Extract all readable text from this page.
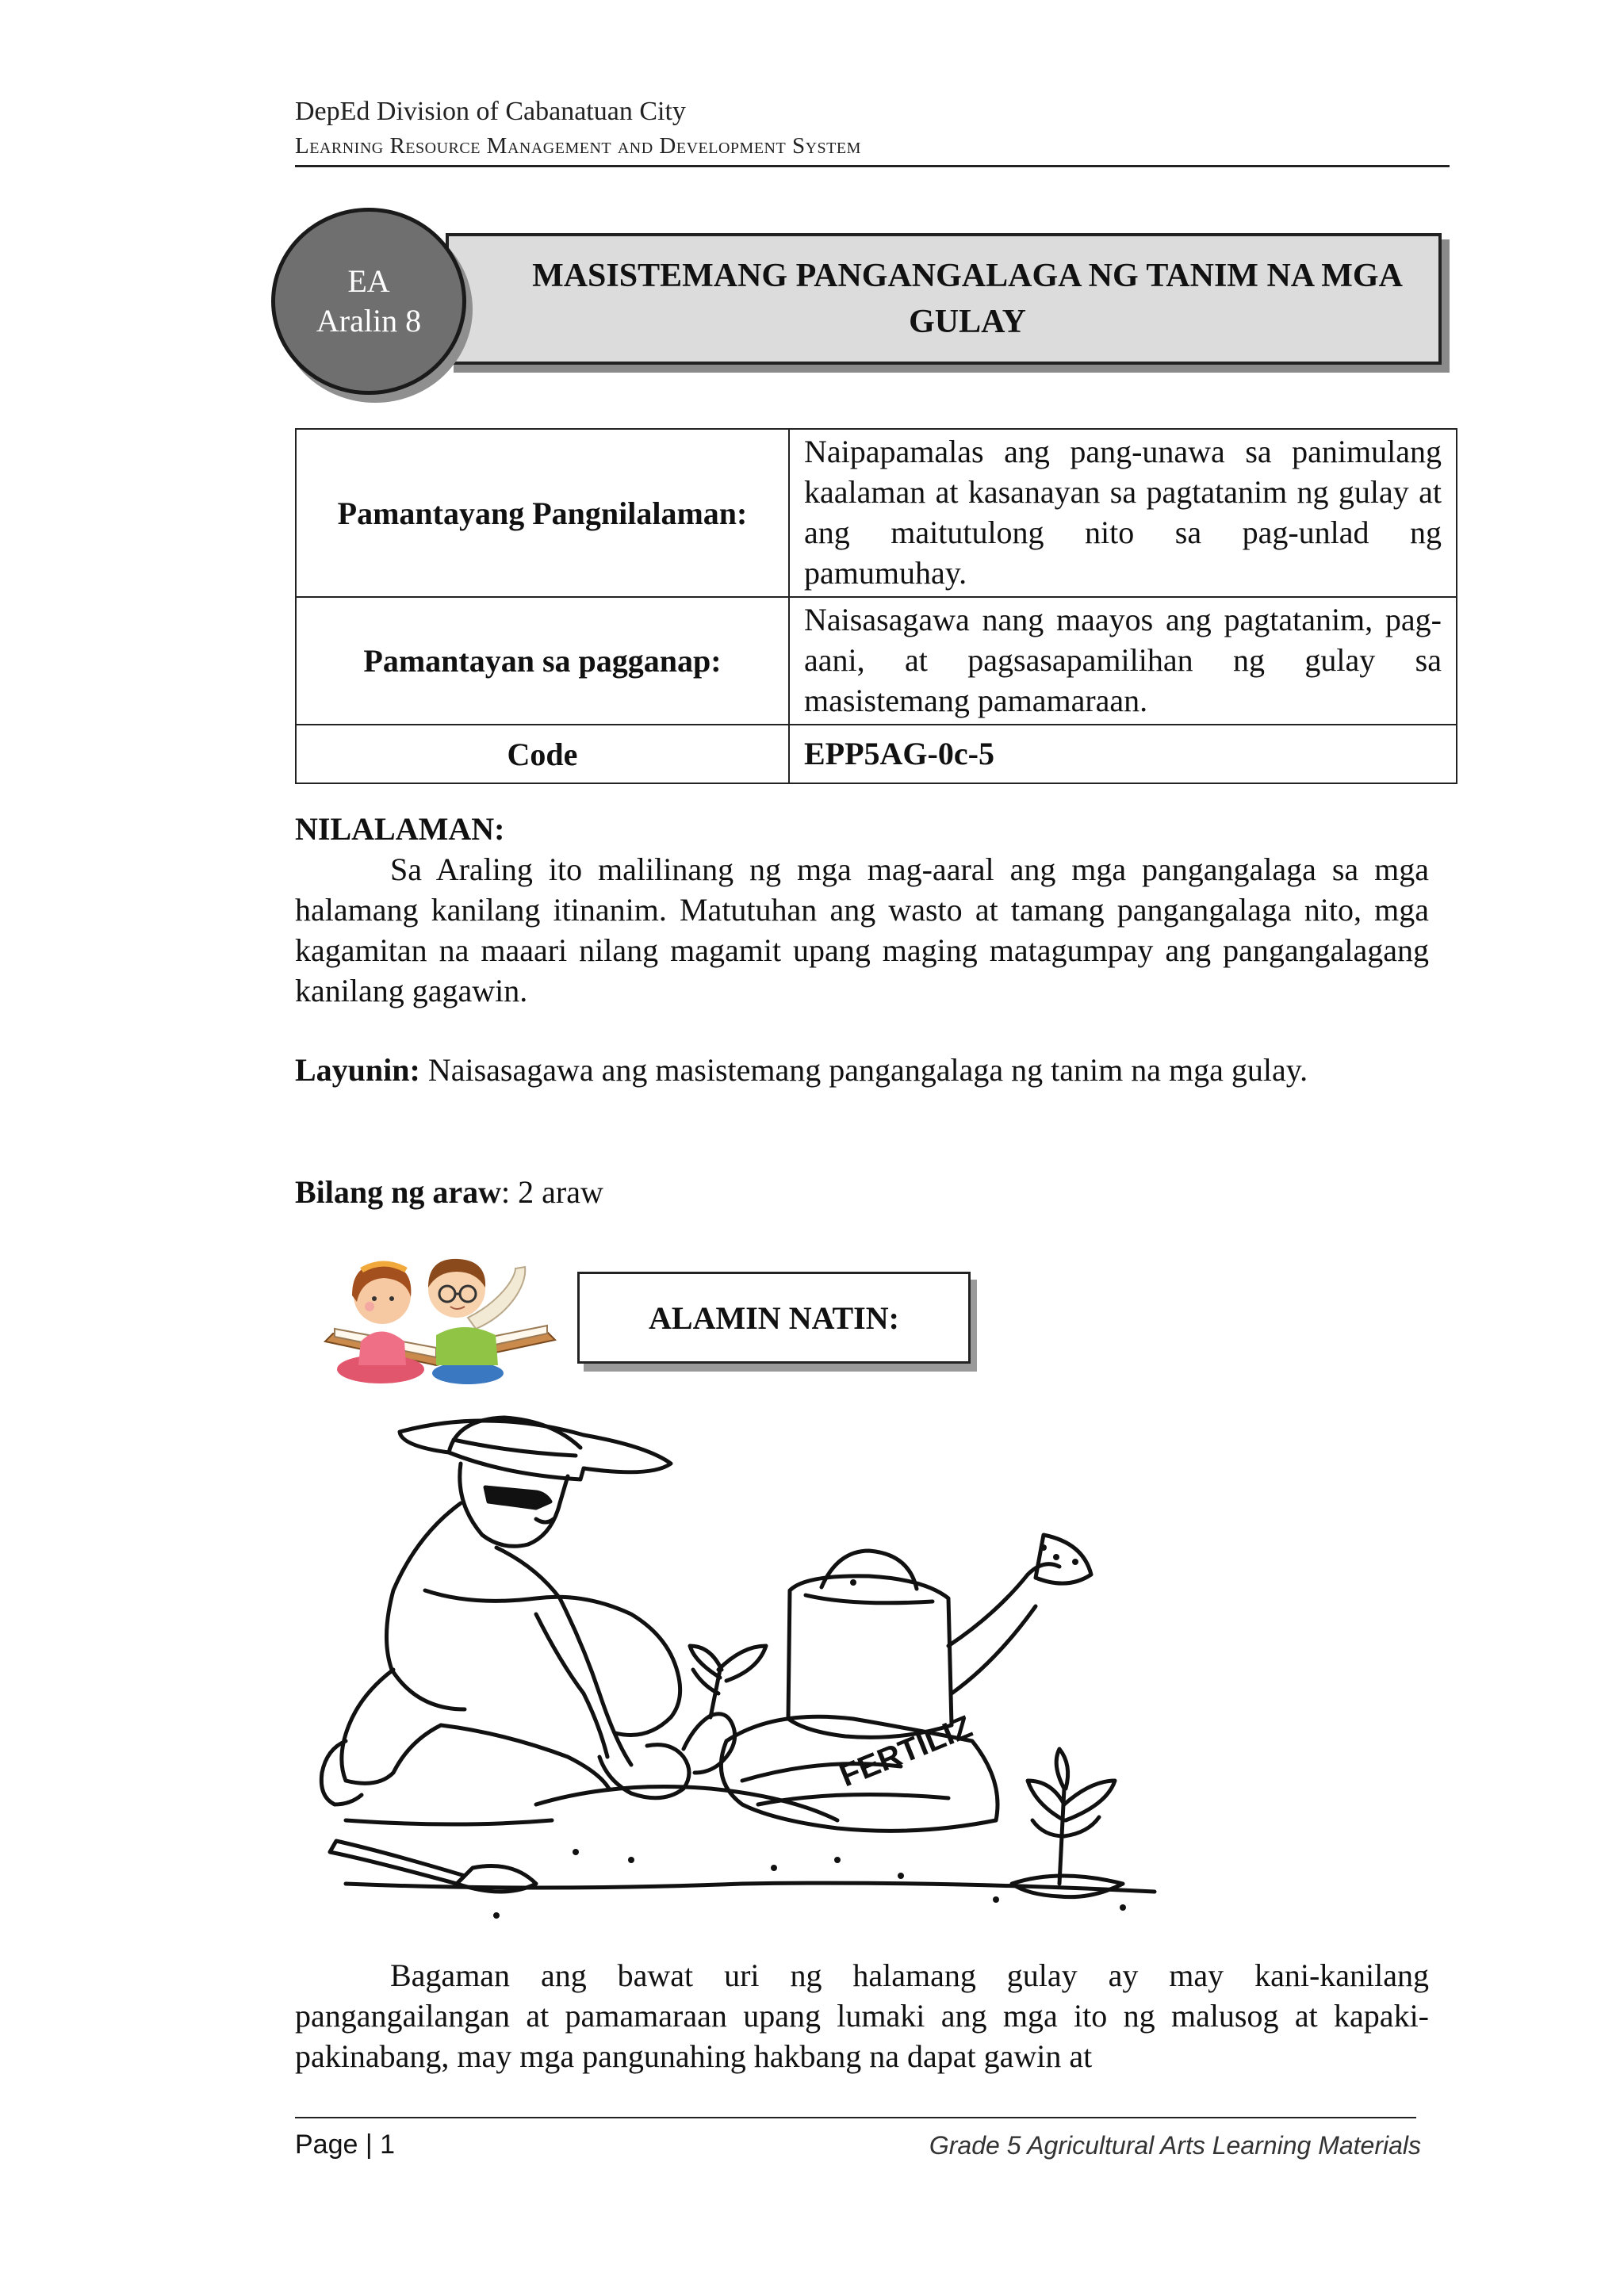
DepEd Division of Cabanatuan City
Learning Resource Management and Development System
MASISTEMANG PANGANGALAGA NG TANIM NA MGA GULAY
EA
Aralin 8
Pamantayang Pangnilalaman:	Naipapamalas ang pang-unawa sa panimulang kaalaman at kasanayan sa pagtatanim ng gulay at ang maitutulong nito sa pag-unlad ng pamumuhay.
Pamantayan sa pagganap:	Naisasagawa nang maayos ang pagtatanim, pag-aani, at pagsasapamilihan ng gulay sa masistemang pamamaraan.
Code	EPP5AG-0c-5
NILALAMAN:
Sa Araling ito malilinang ng mga mag-aaral ang mga pangangalaga sa mga halamang kanilang itinanim. Matutuhan ang wasto at tamang pangangalaga nito, mga kagamitan na maaari nilang magamit upang maging matagumpay ang pangangalagang kanilang gagawin.
Layunin: Naisasagawa ang masistemang pangangalaga ng tanim na mga gulay.
Bilang ng araw: 2 araw
ALAMIN NATIN:
FERTILIZ
Bagaman ang bawat uri ng halamang gulay ay may kani-kanilang pangangailangan at pamamaraan upang lumaki ang mga ito ng malusog at kapaki-pakinabang, may mga pangunahing hakbang na dapat gawin at
Page | 1	Grade 5 Agricultural Arts Learning Materials
